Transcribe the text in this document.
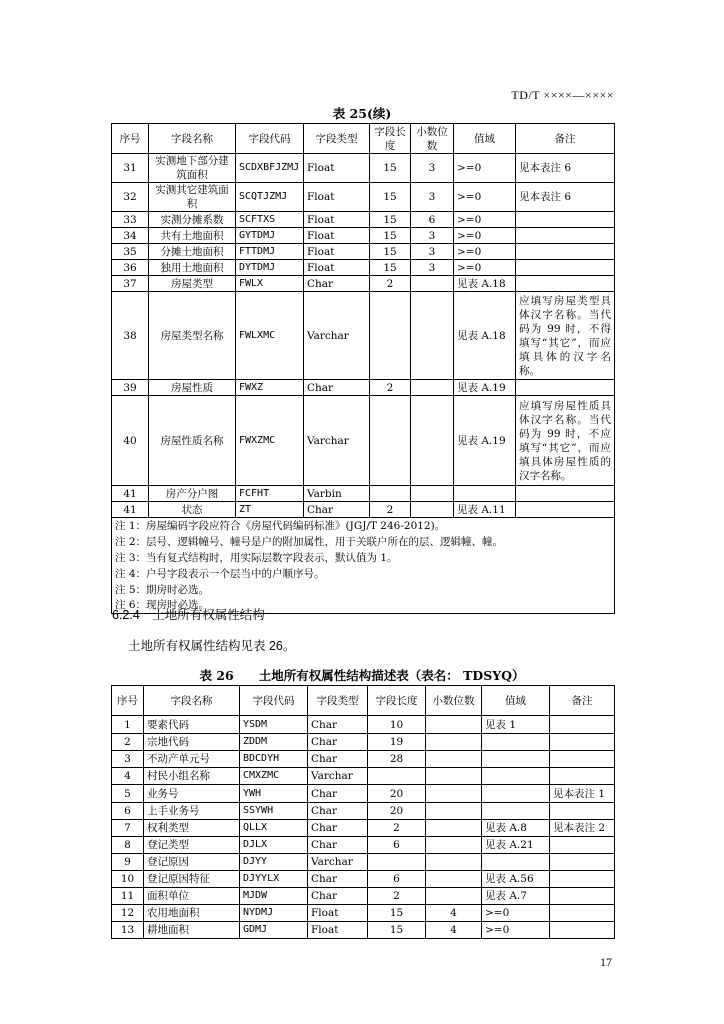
TD/T ××××—××××
表 25(续)
序号	字段名称	字段代码	字段类型	字段长度	小数位数	值域	备注
31	实测地下部分建筑面积	SCDXBFJZMJ	Float	15	3	>=0	见本表注 6
32	实测其它建筑面积	SCQTJZMJ	Float	15	3	>=0	见本表注 6
33	实测分摊系数	SCFTXS	Float	15	6	>=0	
34	共有土地面积	GYTDMJ	Float	15	3	>=0	
35	分摊土地面积	FTTDMJ	Float	15	3	>=0	
36	独用土地面积	DYTDMJ	Float	15	3	>=0	
37	房屋类型	FWLX	Char	2		见表 A.18	
38	房屋类型名称	FWLXMC	Varchar			见表 A.18	应填写房屋类型具体汉字名称。当代码为 99 时，不得填写“其它”，而应填具体的汉字名称。
39	房屋性质	FWXZ	Char	2		见表 A.19	
40	房屋性质名称	FWXZMC	Varchar			见表 A.19	应填写房屋性质具体汉字名称。当代码为 99 时，不应填写“其它”，而应填具体房屋性质的汉字名称。
41	房产分户图	FCFHT	Varbin				
41	状态	ZT	Char	2		见表 A.11	
注 1：房屋编码字段应符合《房屋代码编码标准》(JGJ/T 246-2012)。							
注 2：层号、逻辑幢号、幢号是户的附加属性，用于关联户所在的层、逻辑幢、幢。							
注 3：当有复式结构时，用实际层数字段表示，默认值为 1。							
注 4：户号字段表示一个层当中的户顺序号。							
注 5：期房时必选。							
注 6：现房时必选。							
6.2.4　土地所有权属性结构
土地所有权属性结构见表 26。
表 26　　土地所有权属性结构描述表（表名： TDSYQ）
序号	字段名称	字段代码	字段类型	字段长度	小数位数	值域	备注
1	要素代码	YSDM	Char	10		见表 1	
2	宗地代码	ZDDM	Char	19			
3	不动产单元号	BDCDYH	Char	28			
4	村民小组名称	CMXZMC	Varchar				
5	业务号	YWH	Char	20			见本表注 1
6	上手业务号	SSYWH	Char	20			
7	权利类型	QLLX	Char	2		见表 A.8	见本表注 2
8	登记类型	DJLX	Char	6		见表 A.21	
9	登记原因	DJYY	Varchar				
10	登记原因特征	DJYYLX	Char	6		见表 A.56	
11	面积单位	MJDW	Char	2		见表 A.7	
12	农用地面积	NYDMJ	Float	15	4	>=0	
13	耕地面积	GDMJ	Float	15	4	>=0	
17
